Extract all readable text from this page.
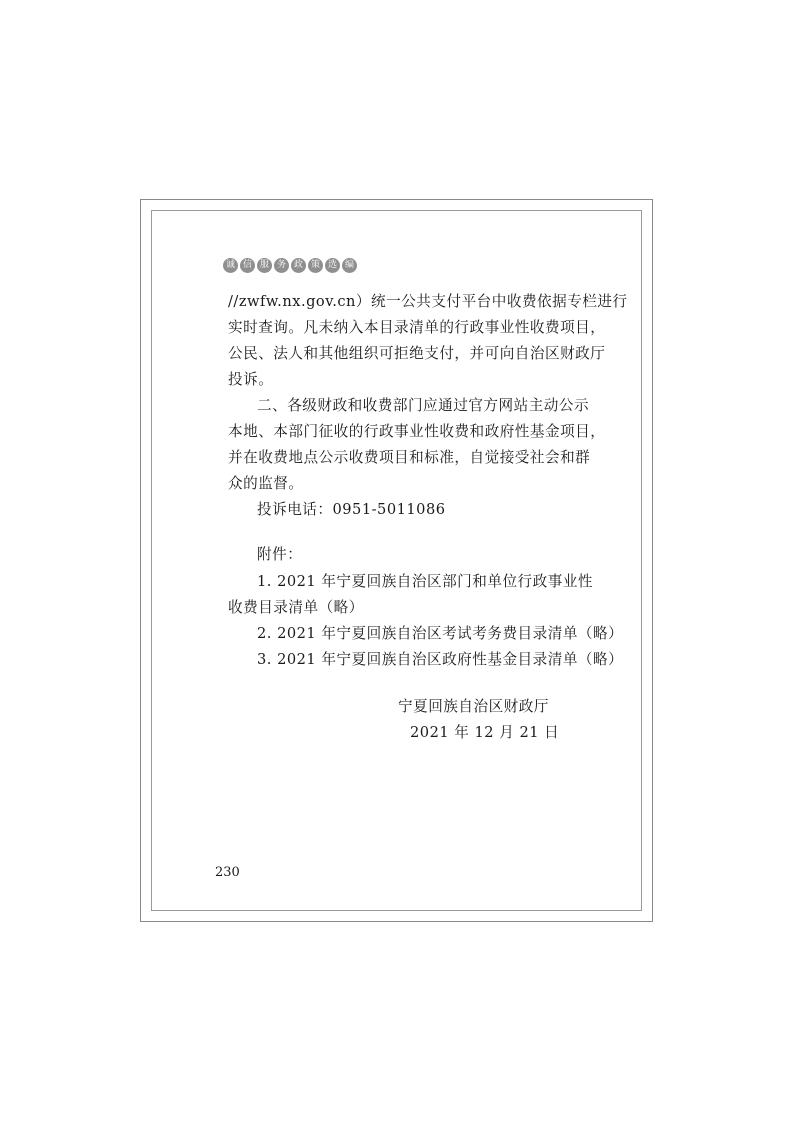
诚 信 服 务 政 策 选 编
//zwfw.nx.gov.cn）统一公共支付平台中收费依据专栏进行
实时查询。凡未纳入本目录清单的行政事业性收费项目，
公民、法人和其他组织可拒绝支付，并可向自治区财政厅
投诉。
二、各级财政和收费部门应通过官方网站主动公示
本地、本部门征收的行政事业性收费和政府性基金项目，
并在收费地点公示收费项目和标准，自觉接受社会和群
众的监督。
投诉电话：0951-5011086
附件：
1. 2021 年宁夏回族自治区部门和单位行政事业性
收费目录清单（略）
2. 2021 年宁夏回族自治区考试考务费目录清单（略）
3. 2021 年宁夏回族自治区政府性基金目录清单（略）
宁夏回族自治区财政厅
2021 年 12 月 21 日
230
